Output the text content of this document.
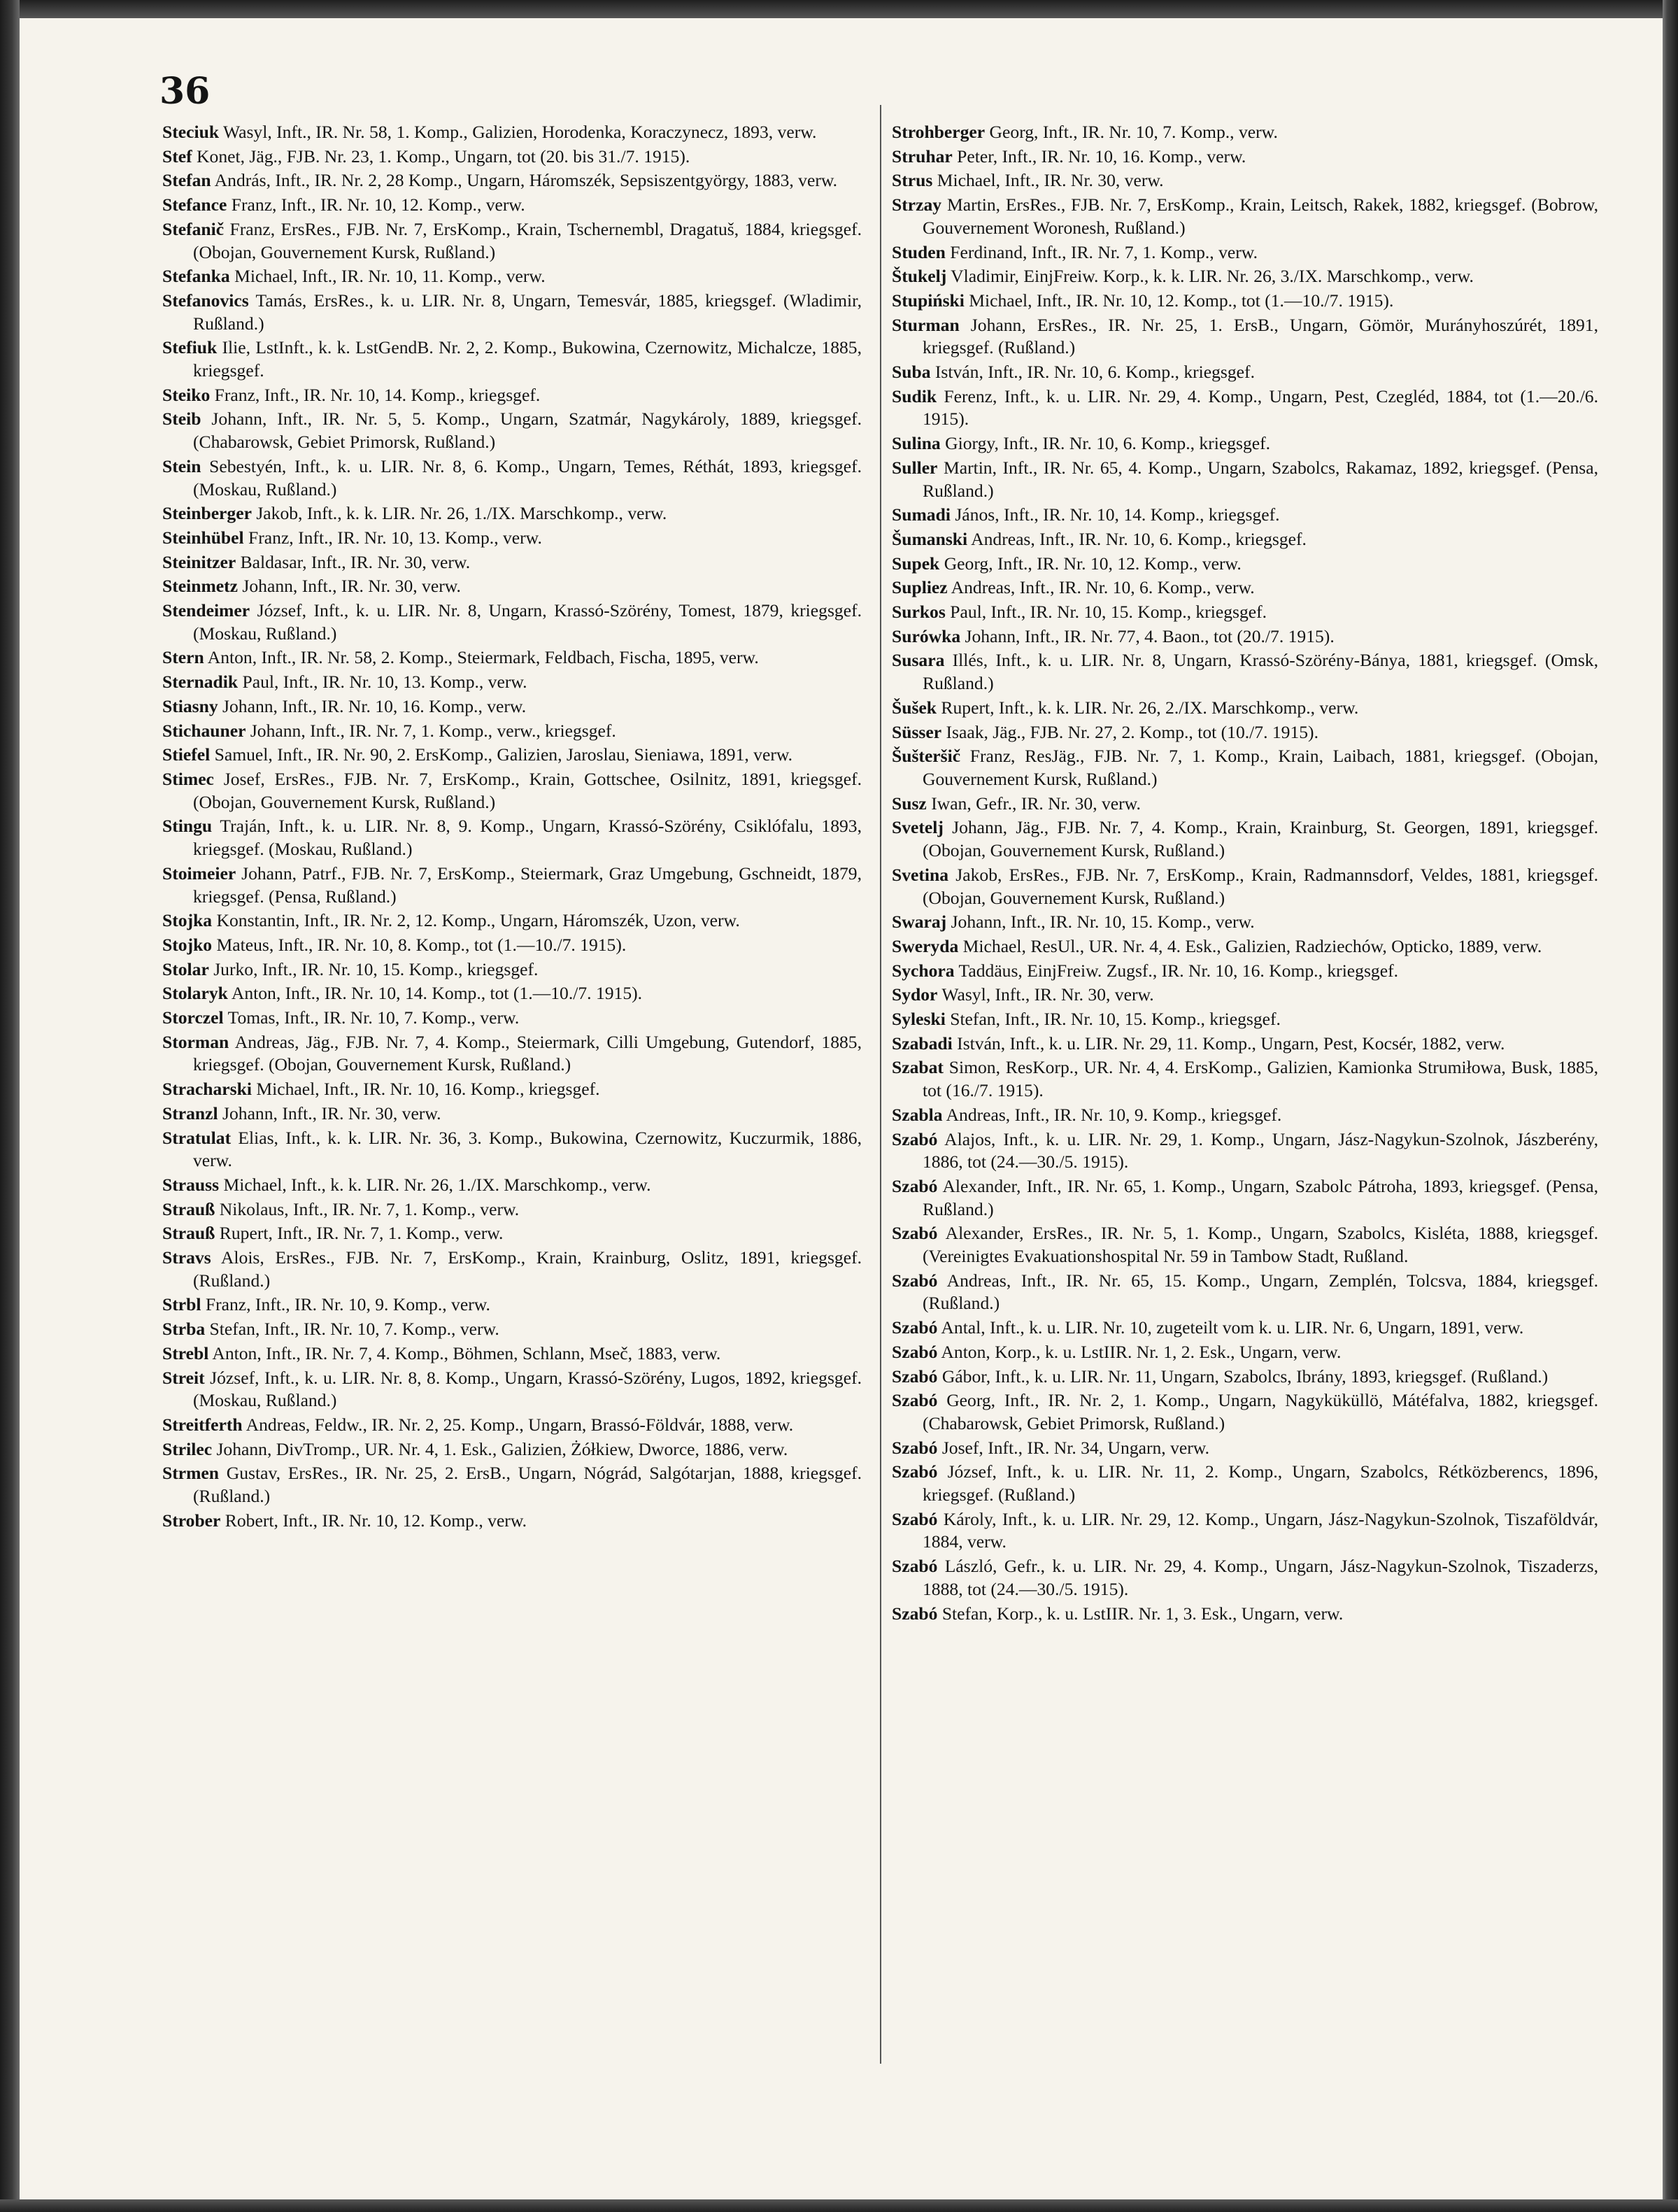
36

Steciuk Wasyl, Inft., IR. Nr. 58, 1. Komp., Galizien, Horodenka, Koraczynecz, 1893, verw.

Stef Konet, Jäg., FJB. Nr. 23, 1. Komp., Ungarn, tot (20. bis 31./7. 1915).

Stefan András, Inft., IR. Nr. 2, 28 Komp., Ungarn, Háromszék, Sepsiszentgyörgy, 1883, verw.

Stefance Franz, Inft., IR. Nr. 10, 12. Komp., verw.

Stefanič Franz, ErsRes., FJB. Nr. 7, ErsKomp., Krain, Tschernembl, Dragatuš, 1884, kriegsgef. (Obojan, Gouvernement Kursk, Rußland.)

Stefanka Michael, Inft., IR. Nr. 10, 11. Komp., verw.

Stefanovics Tamás, ErsRes., k. u. LIR. Nr. 8, Ungarn, Temesvár, 1885, kriegsgef. (Wladimir, Rußland.)

Stefiuk Ilie, LstInft., k. k. LstGendB. Nr. 2, 2. Komp., Bukowina, Czernowitz, Michalcze, 1885, kriegsgef.

Steiko Franz, Inft., IR. Nr. 10, 14. Komp., kriegsgef.

Steib Johann, Inft., IR. Nr. 5, 5. Komp., Ungarn, Szatmár, Nagykároly, 1889, kriegsgef. (Chabarowsk, Gebiet Primorsk, Rußland.)

Stein Sebestyén, Inft., k. u. LIR. Nr. 8, 6. Komp., Ungarn, Temes, Réthát, 1893, kriegsgef. (Moskau, Rußland.)

Steinberger Jakob, Inft., k. k. LIR. Nr. 26, 1./IX. Marschkomp., verw.

Steinhübel Franz, Inft., IR. Nr. 10, 13. Komp., verw.

Steinitzer Baldasar, Inft., IR. Nr. 30, verw.

Steinmetz Johann, Inft., IR. Nr. 30, verw.

Stendeimer József, Inft., k. u. LIR. Nr. 8, Ungarn, Krassó-Szörény, Tomest, 1879, kriegsgef. (Moskau, Rußland.)

Stern Anton, Inft., IR. Nr. 58, 2. Komp., Steiermark, Feldbach, Fischa, 1895, verw.

Sternadik Paul, Inft., IR. Nr. 10, 13. Komp., verw.

Stiasny Johann, Inft., IR. Nr. 10, 16. Komp., verw.

Stichauner Johann, Inft., IR. Nr. 7, 1. Komp., verw., kriegsgef.

Stiefel Samuel, Inft., IR. Nr. 90, 2. ErsKomp., Galizien, Jaroslau, Sieniawa, 1891, verw.

Stimec Josef, ErsRes., FJB. Nr. 7, ErsKomp., Krain, Gottschee, Osilnitz, 1891, kriegsgef. (Obojan, Gouvernement Kursk, Rußland.)

Stingu Traján, Inft., k. u. LIR. Nr. 8, 9. Komp., Ungarn, Krassó-Szörény, Csiklófalu, 1893, kriegsgef. (Moskau, Rußland.)

Stoimeier Johann, Patrf., FJB. Nr. 7, ErsKomp., Steiermark, Graz Umgebung, Gschneidt, 1879, kriegsgef. (Pensa, Rußland.)

Stojka Konstantin, Inft., IR. Nr. 2, 12. Komp., Ungarn, Háromszék, Uzon, verw.

Stojko Mateus, Inft., IR. Nr. 10, 8. Komp., tot (1.—10./7. 1915).

Stolar Jurko, Inft., IR. Nr. 10, 15. Komp., kriegsgef.

Stolaryk Anton, Inft., IR. Nr. 10, 14. Komp., tot (1.—10./7. 1915).

Storczel Tomas, Inft., IR. Nr. 10, 7. Komp., verw.

Storman Andreas, Jäg., FJB. Nr. 7, 4. Komp., Steiermark, Cilli Umgebung, Gutendorf, 1885, kriegsgef. (Obojan, Gouvernement Kursk, Rußland.)

Stracharski Michael, Inft., IR. Nr. 10, 16. Komp., kriegsgef.

Stranzl Johann, Inft., IR. Nr. 30, verw.

Stratulat Elias, Inft., k. k. LIR. Nr. 36, 3. Komp., Bukowina, Czernowitz, Kuczurmik, 1886, verw.

Strauss Michael, Inft., k. k. LIR. Nr. 26, 1./IX. Marschkomp., verw.

Strauß Nikolaus, Inft., IR. Nr. 7, 1. Komp., verw.

Strauß Rupert, Inft., IR. Nr. 7, 1. Komp., verw.

Stravs Alois, ErsRes., FJB. Nr. 7, ErsKomp., Krain, Krainburg, Oslitz, 1891, kriegsgef. (Rußland.)

Strbl Franz, Inft., IR. Nr. 10, 9. Komp., verw.

Strba Stefan, Inft., IR. Nr. 10, 7. Komp., verw.

Strebl Anton, Inft., IR. Nr. 7, 4. Komp., Böhmen, Schlann, Mseč, 1883, verw.

Streit József, Inft., k. u. LIR. Nr. 8, 8. Komp., Ungarn, Krassó-Szörény, Lugos, 1892, kriegsgef. (Moskau, Rußland.)

Streitferth Andreas, Feldw., IR. Nr. 2, 25. Komp., Ungarn, Brassó-Földvár, 1888, verw.

Strilec Johann, DivTromp., UR. Nr. 4, 1. Esk., Galizien, Żółkiew, Dworce, 1886, verw.

Strmen Gustav, ErsRes., IR. Nr. 25, 2. ErsB., Ungarn, Nógrád, Salgótarjan, 1888, kriegsgef. (Rußland.)

Strober Robert, Inft., IR. Nr. 10, 12. Komp., verw.

Strohberger Georg, Inft., IR. Nr. 10, 7. Komp., verw.

Struhar Peter, Inft., IR. Nr. 10, 16. Komp., verw.

Strus Michael, Inft., IR. Nr. 30, verw.

Strzay Martin, ErsRes., FJB. Nr. 7, ErsKomp., Krain, Leitsch, Rakek, 1882, kriegsgef. (Bobrow, Gouvernement Woronesh, Rußland.)

Studen Ferdinand, Inft., IR. Nr. 7, 1. Komp., verw.

Štukelj Vladimir, EinjFreiw. Korp., k. k. LIR. Nr. 26, 3./IX. Marschkomp., verw.

Stupiński Michael, Inft., IR. Nr. 10, 12. Komp., tot (1.—10./7. 1915).

Sturman Johann, ErsRes., IR. Nr. 25, 1. ErsB., Ungarn, Gömör, Murányhoszúrét, 1891, kriegsgef. (Rußland.)

Suba István, Inft., IR. Nr. 10, 6. Komp., kriegsgef.

Sudik Ferenz, Inft., k. u. LIR. Nr. 29, 4. Komp., Ungarn, Pest, Czegléd, 1884, tot (1.—20./6. 1915).

Sulina Giorgy, Inft., IR. Nr. 10, 6. Komp., kriegsgef.

Suller Martin, Inft., IR. Nr. 65, 4. Komp., Ungarn, Szabolcs, Rakamaz, 1892, kriegsgef. (Pensa, Rußland.)

Sumadi János, Inft., IR. Nr. 10, 14. Komp., kriegsgef.

Šumanski Andreas, Inft., IR. Nr. 10, 6. Komp., kriegsgef.

Supek Georg, Inft., IR. Nr. 10, 12. Komp., verw.

Supliez Andreas, Inft., IR. Nr. 10, 6. Komp., verw.

Surkos Paul, Inft., IR. Nr. 10, 15. Komp., kriegsgef.

Surówka Johann, Inft., IR. Nr. 77, 4. Baon., tot (20./7. 1915).

Susara Illés, Inft., k. u. LIR. Nr. 8, Ungarn, Krassó-Szörény-Bánya, 1881, kriegsgef. (Omsk, Rußland.)

Šušek Rupert, Inft., k. k. LIR. Nr. 26, 2./IX. Marschkomp., verw.

Süsser Isaak, Jäg., FJB. Nr. 27, 2. Komp., tot (10./7. 1915).

Šušteršič Franz, ResJäg., FJB. Nr. 7, 1. Komp., Krain, Laibach, 1881, kriegsgef. (Obojan, Gouvernement Kursk, Rußland.)

Susz Iwan, Gefr., IR. Nr. 30, verw.

Svetelj Johann, Jäg., FJB. Nr. 7, 4. Komp., Krain, Krainburg, St. Georgen, 1891, kriegsgef. (Obojan, Gouvernement Kursk, Rußland.)

Svetina Jakob, ErsRes., FJB. Nr. 7, ErsKomp., Krain, Radmannsdorf, Veldes, 1881, kriegsgef. (Obojan, Gouvernement Kursk, Rußland.)

Swaraj Johann, Inft., IR. Nr. 10, 15. Komp., verw.

Swerydа Michael, ResUl., UR. Nr. 4, 4. Esk., Galizien, Radziechów, Opticko, 1889, verw.

Sychora Taddäus, EinjFreiw. Zugsf., IR. Nr. 10, 16. Komp., kriegsgef.

Sydor Wasyl, Inft., IR. Nr. 30, verw.

Syleski Stefan, Inft., IR. Nr. 10, 15. Komp., kriegsgef.

Szabadi István, Inft., k. u. LIR. Nr. 29, 11. Komp., Ungarn, Pest, Kocsér, 1882, verw.

Szabat Simon, ResKorp., UR. Nr. 4, 4. ErsKomp., Galizien, Kamionka Strumiłowa, Busk, 1885, tot (16./7. 1915).

Szabla Andreas, Inft., IR. Nr. 10, 9. Komp., kriegsgef.

Szabó Alajos, Inft., k. u. LIR. Nr. 29, 1. Komp., Ungarn, Jász-Nagykun-Szolnok, Jászberény, 1886, tot (24.—30./5. 1915).

Szabó Alexander, Inft., IR. Nr. 65, 1. Komp., Ungarn, Szabolc Pátroha, 1893, kriegsgef. (Pensa, Rußland.)

Szabó Alexander, ErsRes., IR. Nr. 5, 1. Komp., Ungarn, Szabolcs, Kisléta, 1888, kriegsgef. (Vereinigtes Evakuationshospital Nr. 59 in Tambow Stadt, Rußland.

Szabó Andreas, Inft., IR. Nr. 65, 15. Komp., Ungarn, Zemplén, Tolcsva, 1884, kriegsgef. (Rußland.)

Szabó Antal, Inft., k. u. LIR. Nr. 10, zugeteilt vom k. u. LIR. Nr. 6, Ungarn, 1891, verw.

Szabó Anton, Korp., k. u. LstIIR. Nr. 1, 2. Esk., Ungarn, verw.

Szabó Gábor, Inft., k. u. LIR. Nr. 11, Ungarn, Szabolcs, Ibrány, 1893, kriegsgef. (Rußland.)

Szabó Georg, Inft., IR. Nr. 2, 1. Komp., Ungarn, Nagyküküllö, Mátéfalva, 1882, kriegsgef. (Chabarowsk, Gebiet Primorsk, Rußland.)

Szabó Josef, Inft., IR. Nr. 34, Ungarn, verw.

Szabó József, Inft., k. u. LIR. Nr. 11, 2. Komp., Ungarn, Szabolcs, Rétközberencs, 1896, kriegsgef. (Rußland.)

Szabó Károly, Inft., k. u. LIR. Nr. 29, 12. Komp., Ungarn, Jász-Nagykun-Szolnok, Tiszaföldvár, 1884, verw.

Szabó László, Gefr., k. u. LIR. Nr. 29, 4. Komp., Ungarn, Jász-Nagykun-Szolnok, Tiszaderzs, 1888, tot (24.—30./5. 1915).

Szabó Stefan, Korp., k. u. LstIIR. Nr. 1, 3. Esk., Ungarn, verw.
